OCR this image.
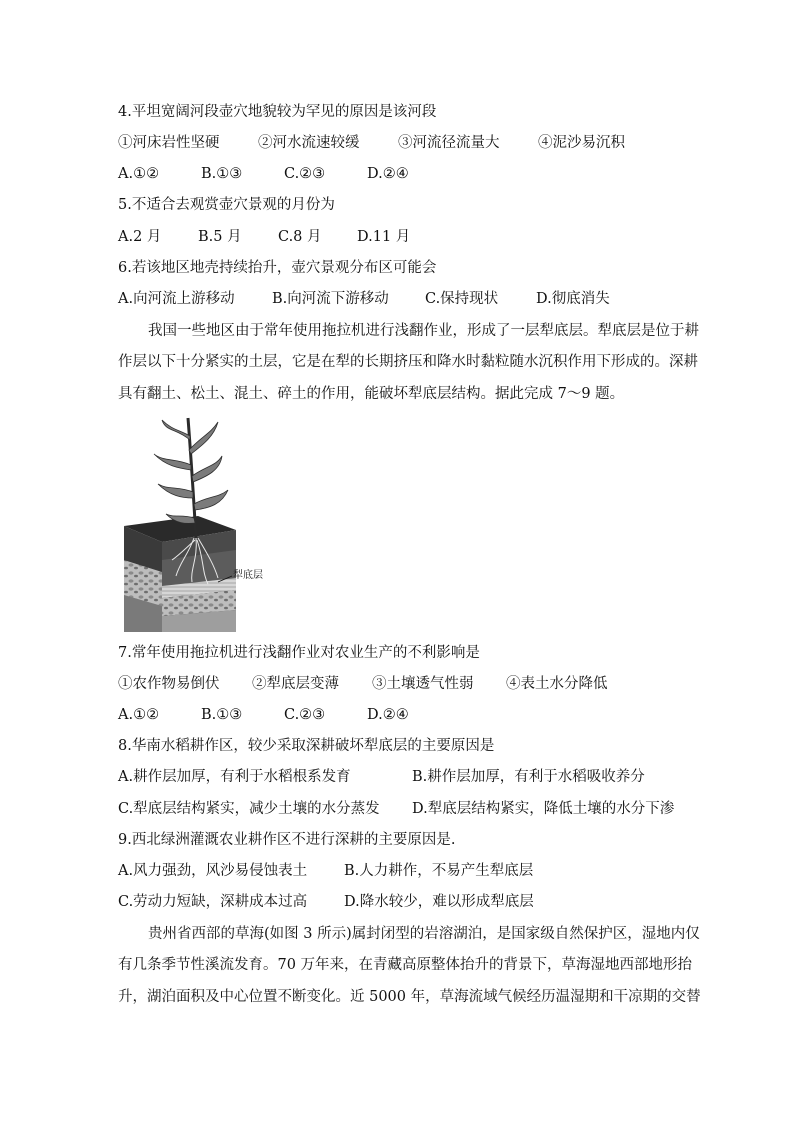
4.平坦宽阔河段壶穴地貌较为罕见的原因是该河段
①河床岩性坚硬	②河水流速较缓	③河流径流量大	④泥沙易沉积
A.①②	B.①③	C.②③	D.②④
5.不适合去观赏壶穴景观的月份为
A.2 月	B.5 月	C.8 月 D.11 月
6.若该地区地壳持续抬升，壶穴景观分布区可能会
A.向河流上游移动	B.向河流下游移动 C.保持现状	D.彻底消失
我国一些地区由于常年使用拖拉机进行浅翻作业，形成了一层犁底层。犁底层是位于耕
作层以下十分紧实的土层，它是在犁的长期挤压和降水时黏粒随水沉积作用下形成的。深耕
具有翻土、松土、混土、碎土的作用，能破坏犁底层结构。据此完成 7～9 题。
犁底层
7.常年使用拖拉机进行浅翻作业对农业生产的不利影响是
①农作物易倒伏 ②犁底层变薄 ③土壤透气性弱 ④表土水分降低
A.①②	B.①③	C.②③	D.②④
8.华南水稻耕作区，较少采取深耕破坏犁底层的主要原因是
A.耕作层加厚，有利于水稻根系发育	B.耕作层加厚，有利于水稻吸收养分
C.犁底层结构紧实，减少土壤的水分蒸发 D.犁底层结构紧实，降低土壤的水分下渗
9.西北绿洲灌溉农业耕作区不进行深耕的主要原因是.
A.风力强劲，风沙易侵蚀表土	B.人力耕作，不易产生犁底层
C.劳动力短缺，深耕成本过高	D.降水较少，难以形成犁底层
贵州省西部的草海(如图 3 所示)属封闭型的岩溶湖泊，是国家级自然保护区，湿地内仅
有几条季节性溪流发育。70 万年来，在青藏高原整体抬升的背景下，草海湿地西部地形抬
升，湖泊面积及中心位置不断变化。近 5000 年，草海流域气候经历温湿期和干凉期的交替
